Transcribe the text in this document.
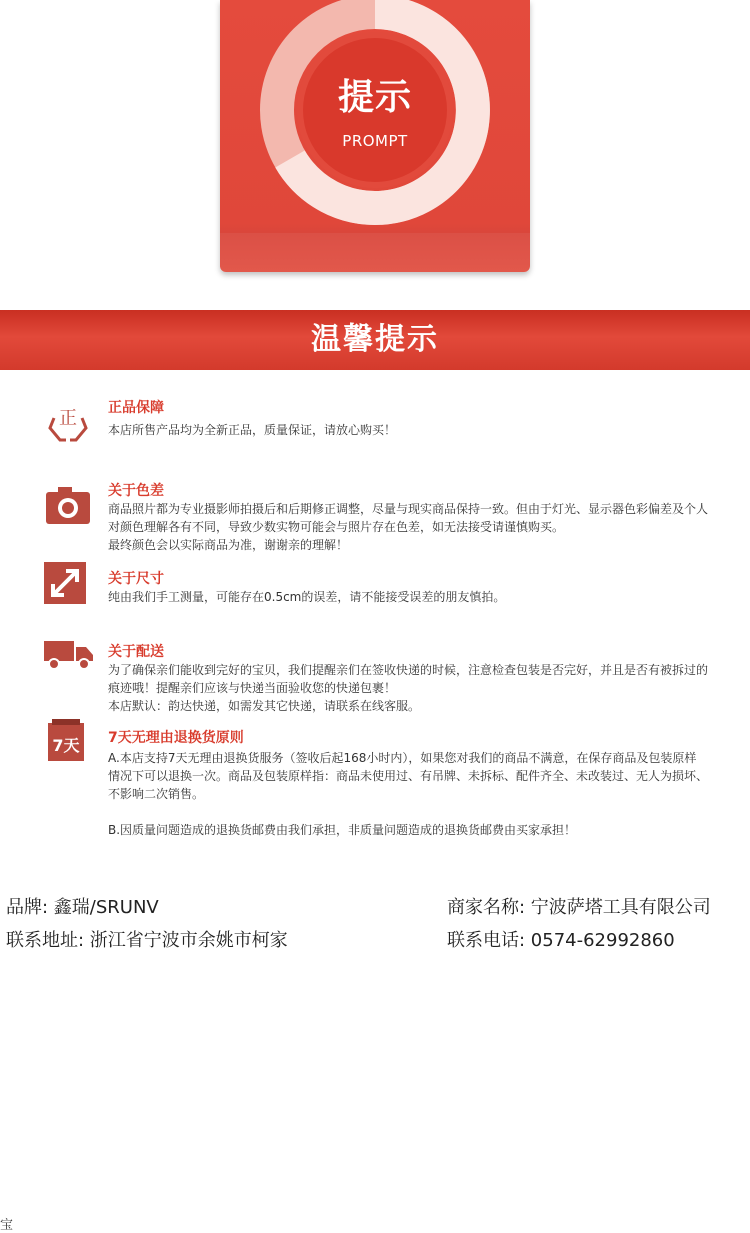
提示
PROMPT
温馨提示
正 正品保障
本店所售产品均为全新正品，质量保证，请放心购买！
关于色差
商品照片都为专业摄影师拍摄后和后期修正调整，尽量与现实商品保持一致。但由于灯光、显示器色彩偏差及个人
对颜色理解各有不同，导致少数实物可能会与照片存在色差，如无法接受请谨慎购买。
最终颜色会以实际商品为准，谢谢亲的理解！
关于尺寸
纯由我们手工测量，可能存在0.5cm的误差，请不能接受误差的朋友慎拍。
关于配送
为了确保亲们能收到完好的宝贝，我们提醒亲们在签收快递的时候，注意检查包装是否完好，并且是否有被拆过的
痕迹哦！提醒亲们应该与快递当面验收您的快递包裹！
本店默认：韵达快递，如需发其它快递，请联系在线客服。
7天 7天无理由退换货原则
A.本店支持7天无理由退换货服务（签收后起168小时内），如果您对我们的商品不满意，在保存商品及包装原样
情况下可以退换一次。商品及包装原样指：商品未使用过、有吊牌、未拆标、配件齐全、未改装过、无人为损坏、
不影响二次销售。
B.因质量问题造成的退换货邮费由我们承担，非质量问题造成的退换货邮费由买家承担！
品牌: 鑫瑞/SRUNV	商家名称: 宁波萨塔工具有限公司
联系地址: 浙江省宁波市余姚市柯家	联系电话: 0574-62992860
宝
